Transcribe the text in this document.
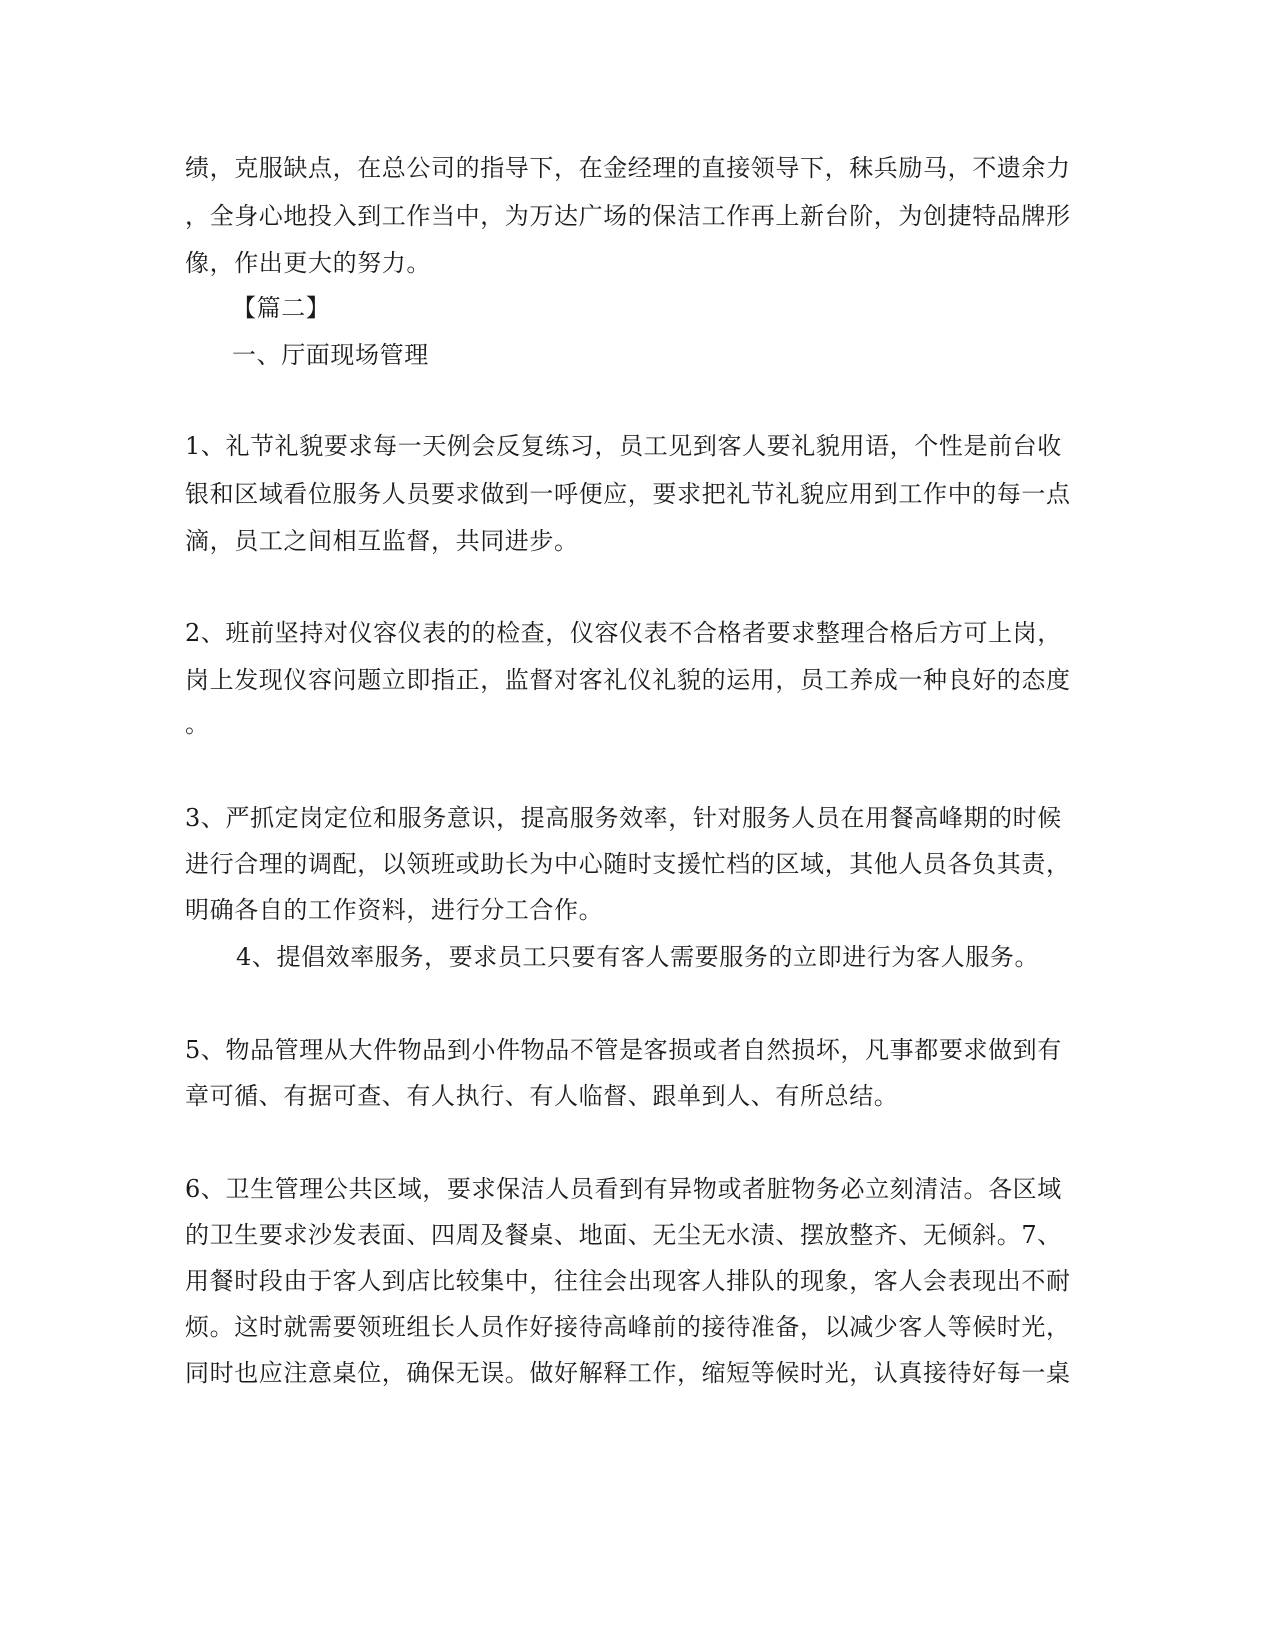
绩，克服缺点，在总公司的指导下，在金经理的直接领导下，秣兵励马，不遗余力
，全身心地投入到工作当中，为万达广场的保洁工作再上新台阶，为创捷特品牌形
像，作出更大的努力。
【篇二】
一、厅面现场管理
1、礼节礼貌要求每一天例会反复练习，员工见到客人要礼貌用语，个性是前台收
银和区域看位服务人员要求做到一呼便应，要求把礼节礼貌应用到工作中的每一点
滴，员工之间相互监督，共同进步。
2、班前坚持对仪容仪表的的检查，仪容仪表不合格者要求整理合格后方可上岗，
岗上发现仪容问题立即指正，监督对客礼仪礼貌的运用，员工养成一种良好的态度
。
3、严抓定岗定位和服务意识，提高服务效率，针对服务人员在用餐高峰期的时候
进行合理的调配，以领班或助长为中心随时支援忙档的区域，其他人员各负其责，
明确各自的工作资料，进行分工合作。
4、提倡效率服务，要求员工只要有客人需要服务的立即进行为客人服务。
5、物品管理从大件物品到小件物品不管是客损或者自然损坏，凡事都要求做到有
章可循、有据可查、有人执行、有人临督、跟单到人、有所总结。
6、卫生管理公共区域，要求保洁人员看到有异物或者脏物务必立刻清洁。各区域
的卫生要求沙发表面、四周及餐桌、地面、无尘无水渍、摆放整齐、无倾斜。7、
用餐时段由于客人到店比较集中，往往会出现客人排队的现象，客人会表现出不耐
烦。这时就需要领班组长人员作好接待高峰前的接待准备，以减少客人等候时光，
同时也应注意桌位，确保无误。做好解释工作，缩短等候时光，认真接待好每一桌
